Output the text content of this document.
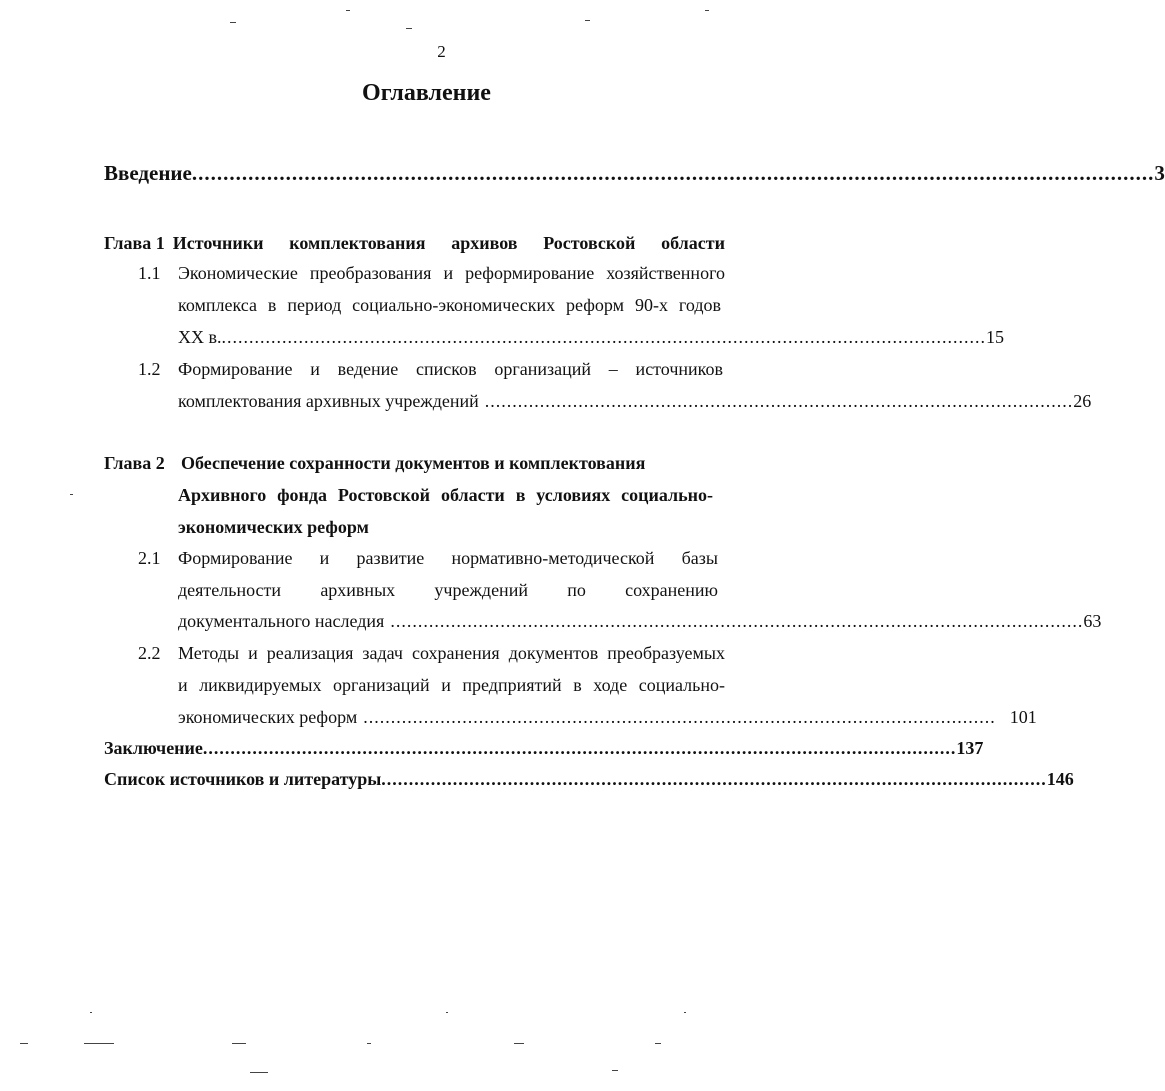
2
Оглавление
Введение .......................................................................................................................................................... 3
Глава 1 Источники комплектования архивов Ростовской области
1.1 Экономические преобразования и реформирование хозяйственного
комплекса в период социально-экономических реформ 90-х годов
XX в. ........................................................................................................................................... 15
1.2 Формирование и ведение списков организаций – источников
комплектования архивных учреждений ........................................................................................................... 26
Глава 2 Обеспечение сохранности документов и комплектования
Архивного фонда Ростовской области в условиях социально-
экономических реформ
2.1 Формирование и развитие нормативно-методической базы
деятельности архивных учреждений по сохранению
документального наследия .............................................................................................................................. 63
2.2 Методы и реализация задач сохранения документов преобразуемых
и ликвидируемых организаций и предприятий в ходе социально-
экономических реформ ................................................................................................................... 101
Заключение ......................................................................................................................................... 137
Список источников и литературы ......................................................................................................................... 146
